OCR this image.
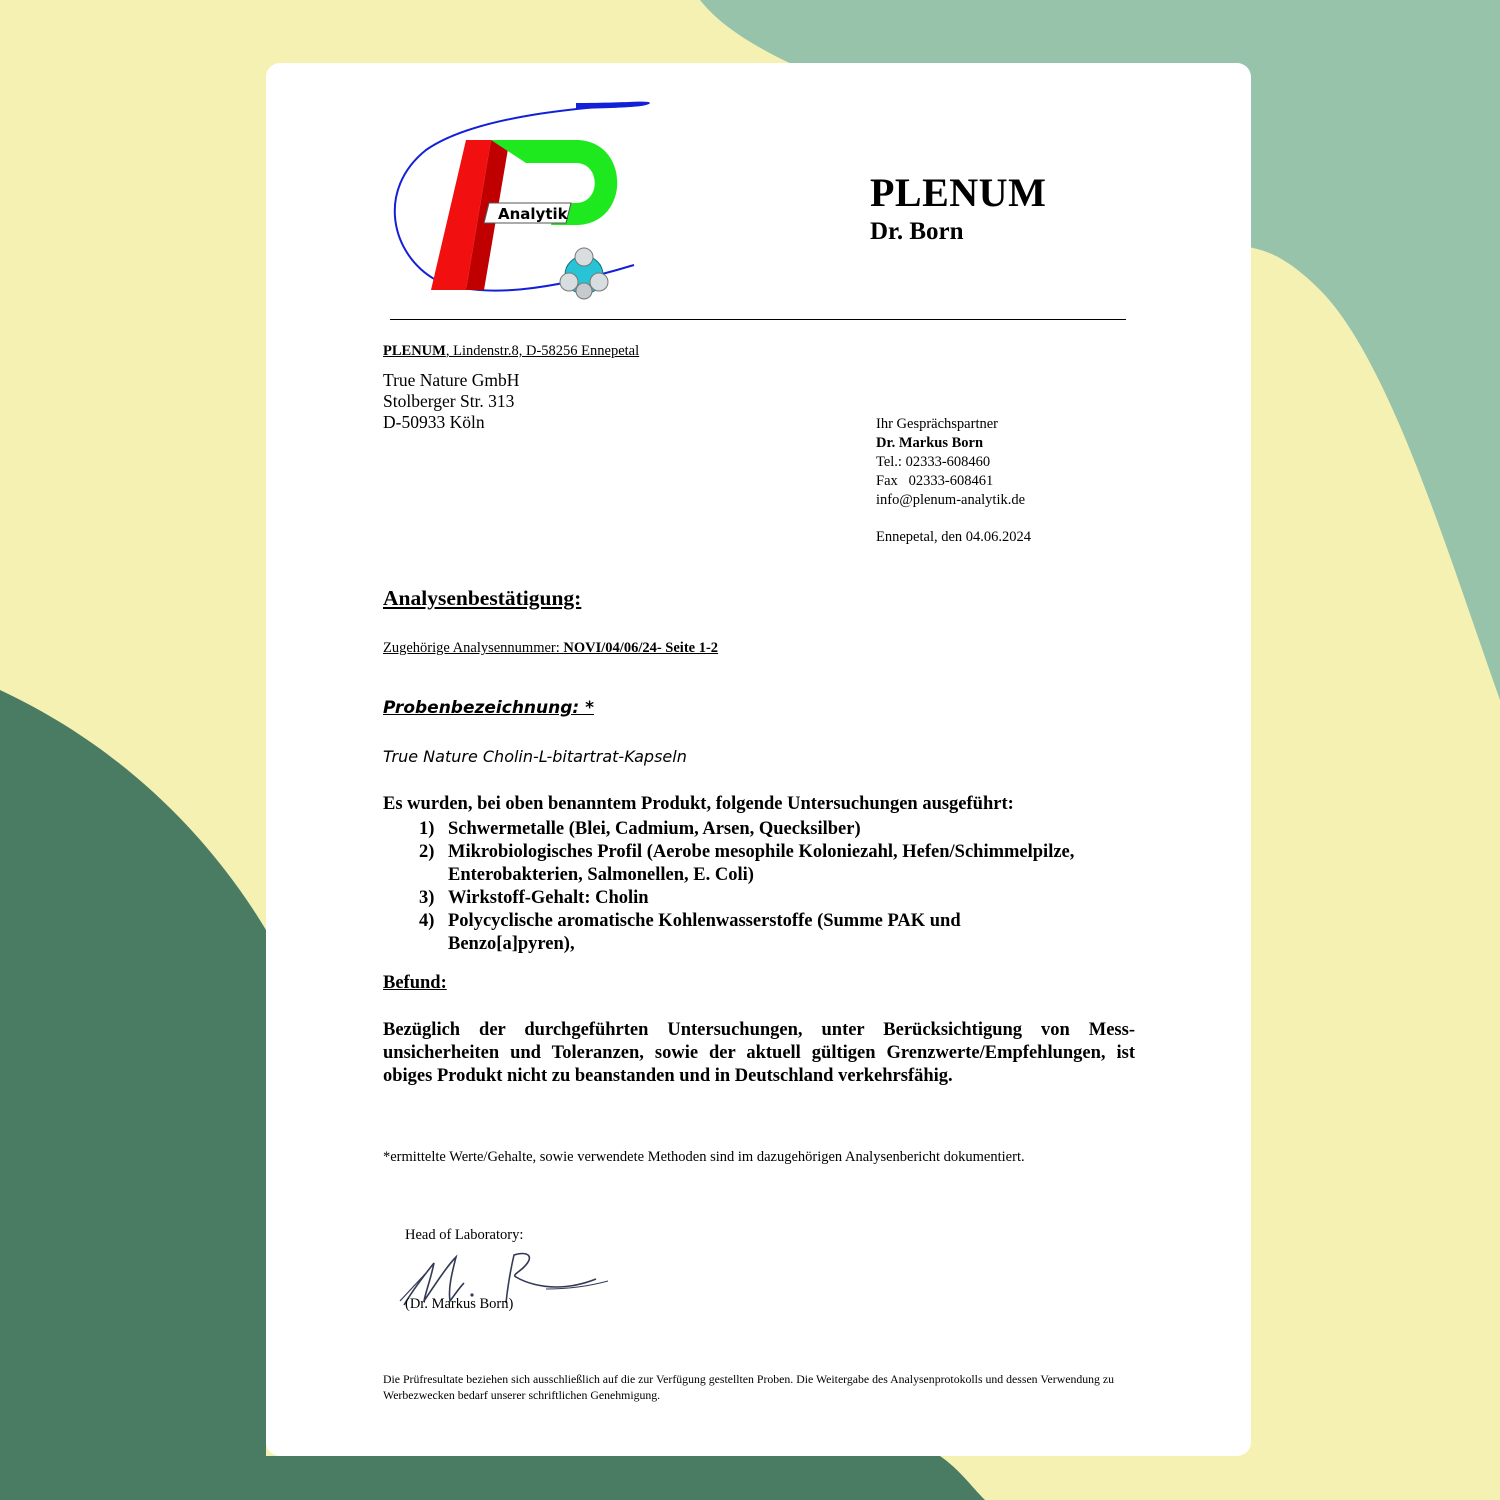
Analytik	PLENUM
Dr. Born
PLENUM, Lindenstr.8, D-58256 Ennepetal
True Nature GmbH
Stolberger Str. 313
D-50933 Köln	Ihr Gesprächspartner
Dr. Markus Born
Tel.: 02333-608460
Fax   02333-608461
info@plenum-analytik.de
Ennepetal, den 04.06.2024
Analysenbestätigung:
Zugehörige Analysennummer: NOVI/04/06/24- Seite 1-2
Probenbezeichnung: *
True Nature Cholin-L-bitartrat-Kapseln
Es wurden, bei oben benanntem Produkt, folgende Untersuchungen ausgeführt:
1) Schwermetalle (Blei, Cadmium, Arsen, Quecksilber)
2) Mikrobiologisches Profil (Aerobe mesophile Koloniezahl, Hefen/Schimmelpilze, Enterobakterien, Salmonellen, E. Coli)
3) Wirkstoff-Gehalt: Cholin
4) Polycyclische aromatische Kohlenwasserstoffe (Summe PAK und Benzo[a]pyren),
Befund:
Bezüglich der durchgeführten Untersuchungen, unter Berücksichtigung von Messunsicherheiten und Toleranzen, sowie der aktuell gültigen Grenzwerte/Empfehlungen, ist obiges Produkt nicht zu beanstanden und in Deutschland verkehrsfähig.
*ermittelte Werte/Gehalte, sowie verwendete Methoden sind im dazugehörigen Analysenbericht dokumentiert.
Head of Laboratory:
(Dr. Markus Born)
Die Prüfresultate beziehen sich ausschließlich auf die zur Verfügung gestellten Proben. Die Weitergabe des Analysenprotokolls und dessen Verwendung zu Werbezwecken bedarf unserer schriftlichen Genehmigung.
